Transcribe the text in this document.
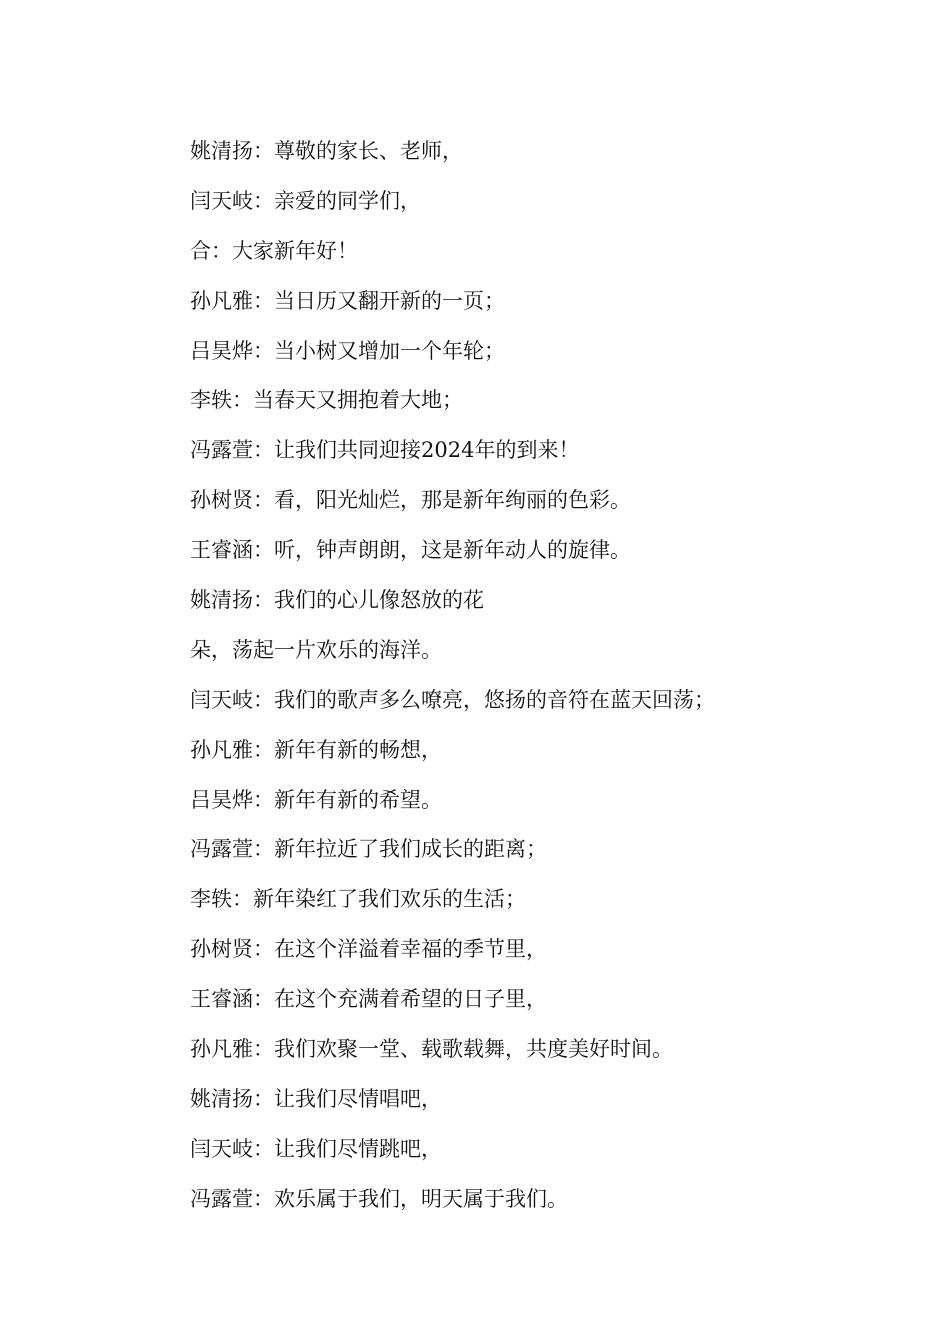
姚清扬：尊敬的家长、老师，
闫天岐：亲爱的同学们，
合：大家新年好！
孙凡雅：当日历又翻开新的一页；
吕昊烨：当小树又增加一个年轮；
李轶：当春天又拥抱着大地；
冯露萱：让我们共同迎接2024年的到来！
孙树贤：看，阳光灿烂，那是新年绚丽的色彩。
王睿涵：听，钟声朗朗，这是新年动人的旋律。
姚清扬：我们的心儿像怒放的花
朵，荡起一片欢乐的海洋。
闫天岐：我们的歌声多么嘹亮，悠扬的音符在蓝天回荡；
孙凡雅：新年有新的畅想，
吕昊烨：新年有新的希望。
冯露萱：新年拉近了我们成长的距离；
李轶：新年染红了我们欢乐的生活；
孙树贤：在这个洋溢着幸福的季节里，
王睿涵：在这个充满着希望的日子里，
孙凡雅：我们欢聚一堂、载歌载舞，共度美好时间。
姚清扬：让我们尽情唱吧，
闫天岐：让我们尽情跳吧，
冯露萱：欢乐属于我们，明天属于我们。
